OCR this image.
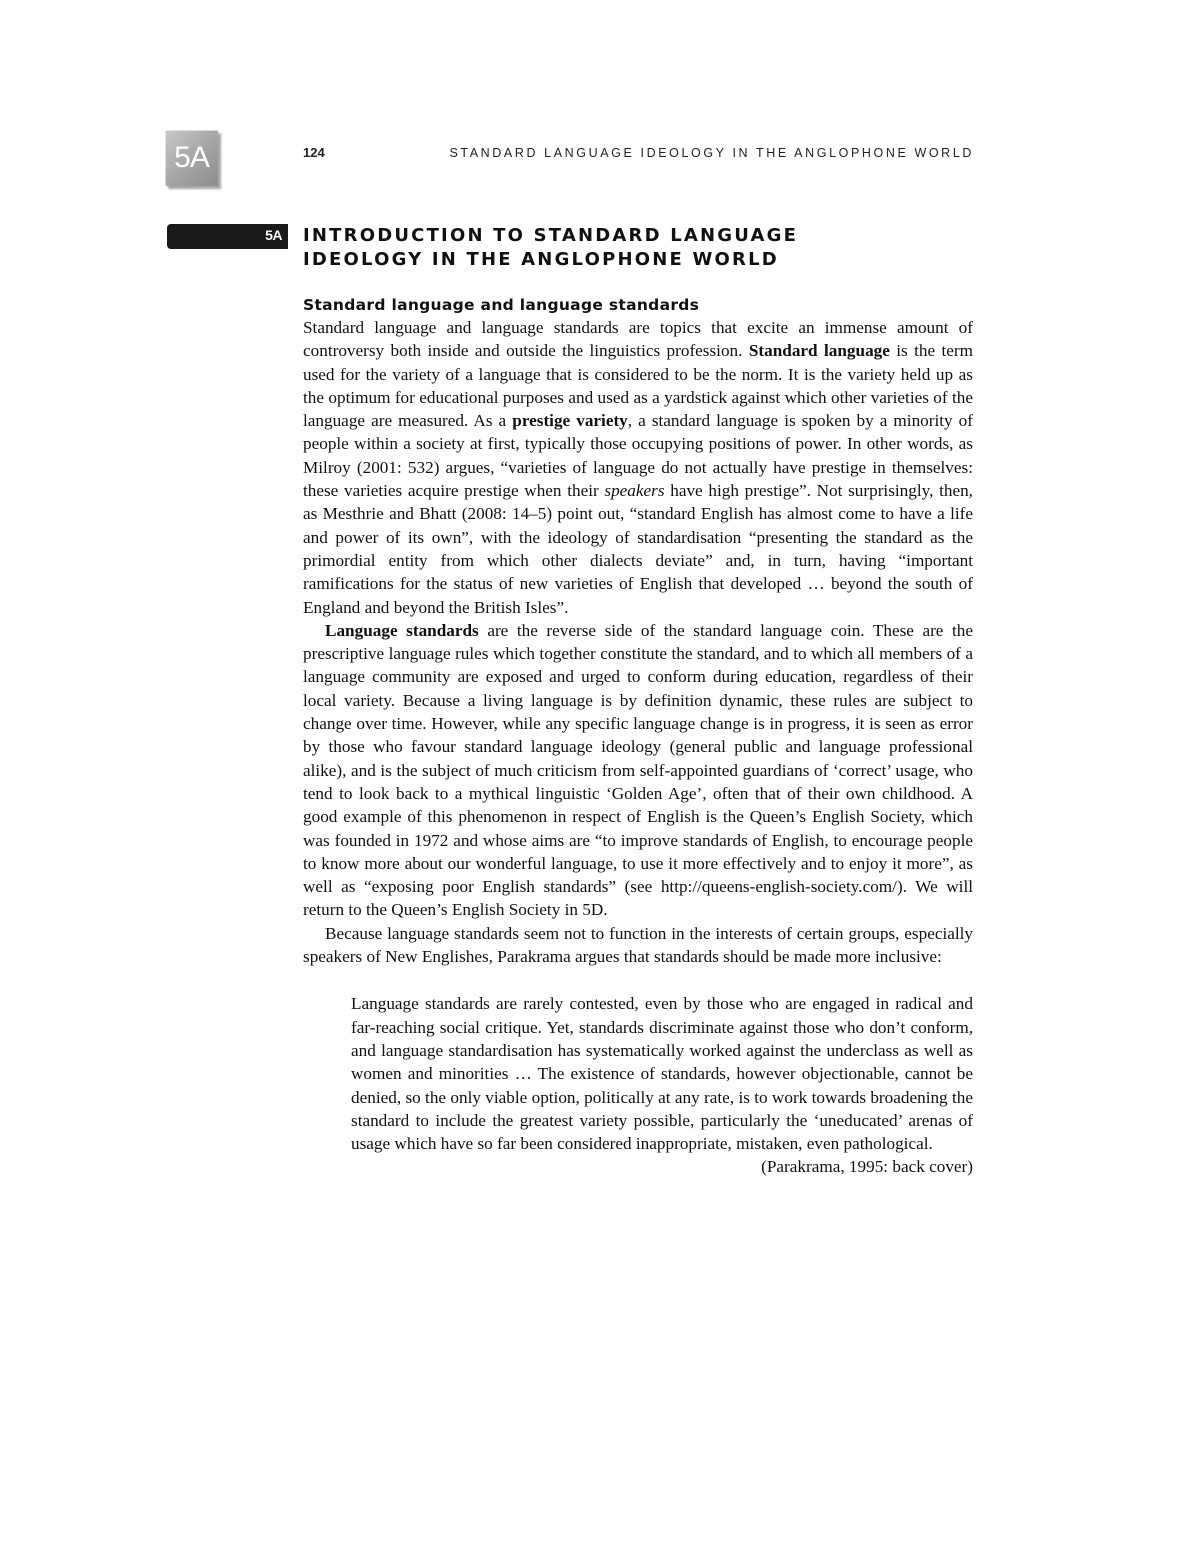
5A	124	STANDARD LANGUAGE IDEOLOGY IN THE ANGLOPHONE WORLD
5A INTRODUCTION TO STANDARD LANGUAGE
IDEOLOGY IN THE ANGLOPHONE WORLD
Standard language and language standards

Standard language and language standards are topics that excite an immense amount of controversy both inside and outside the linguistics profession. Standard language is the term used for the variety of a language that is considered to be the norm. It is the variety held up as the optimum for educational purposes and used as a yardstick against which other varieties of the language are measured. As a prestige variety, a standard language is spoken by a minority of people within a society at first, typically those occupying positions of power. In other words, as Milroy (2001: 532) argues, “varieties of language do not actually have prestige in themselves: these varieties acquire prestige when their speakers have high prestige”. Not surprisingly, then, as Mesthrie and Bhatt (2008: 14–5) point out, “standard English has almost come to have a life and power of its own”, with the ideology of standardisation “presenting the standard as the primordial entity from which other dialects deviate” and, in turn, having “important ramifications for the status of new varieties of English that developed … beyond the south of England and beyond the British Isles”.

Language standards are the reverse side of the standard language coin. These are the prescriptive language rules which together constitute the standard, and to which all members of a language community are exposed and urged to conform during education, regardless of their local variety. Because a living language is by definition dynamic, these rules are subject to change over time. However, while any specific language change is in progress, it is seen as error by those who favour standard language ideology (general public and language professional alike), and is the subject of much criticism from self-appointed guardians of ‘correct’ usage, who tend to look back to a mythical linguistic ‘Golden Age’, often that of their own childhood. A good example of this phenomenon in respect of English is the Queen’s English Society, which was founded in 1972 and whose aims are “to improve standards of English, to encourage people to know more about our wonderful language, to use it more effectively and to enjoy it more”, as well as “exposing poor English standards” (see http://queens-english-society.com/). We will return to the Queen’s English Society in 5D.

Because language standards seem not to function in the interests of certain groups, especially speakers of New Englishes, Parakrama argues that standards should be made more inclusive:

Language standards are rarely contested, even by those who are engaged in radical and far-reaching social critique. Yet, standards discriminate against those who don’t conform, and language standardisation has systematically worked against the underclass as well as women and minorities … The existence of standards, however objectionable, cannot be denied, so the only viable option, politically at any rate, is to work towards broadening the standard to include the greatest variety possible, particularly the ‘uneducated’ arenas of usage which have so far been considered inappropriate, mistaken, even pathological.

(Parakrama, 1995: back cover)
